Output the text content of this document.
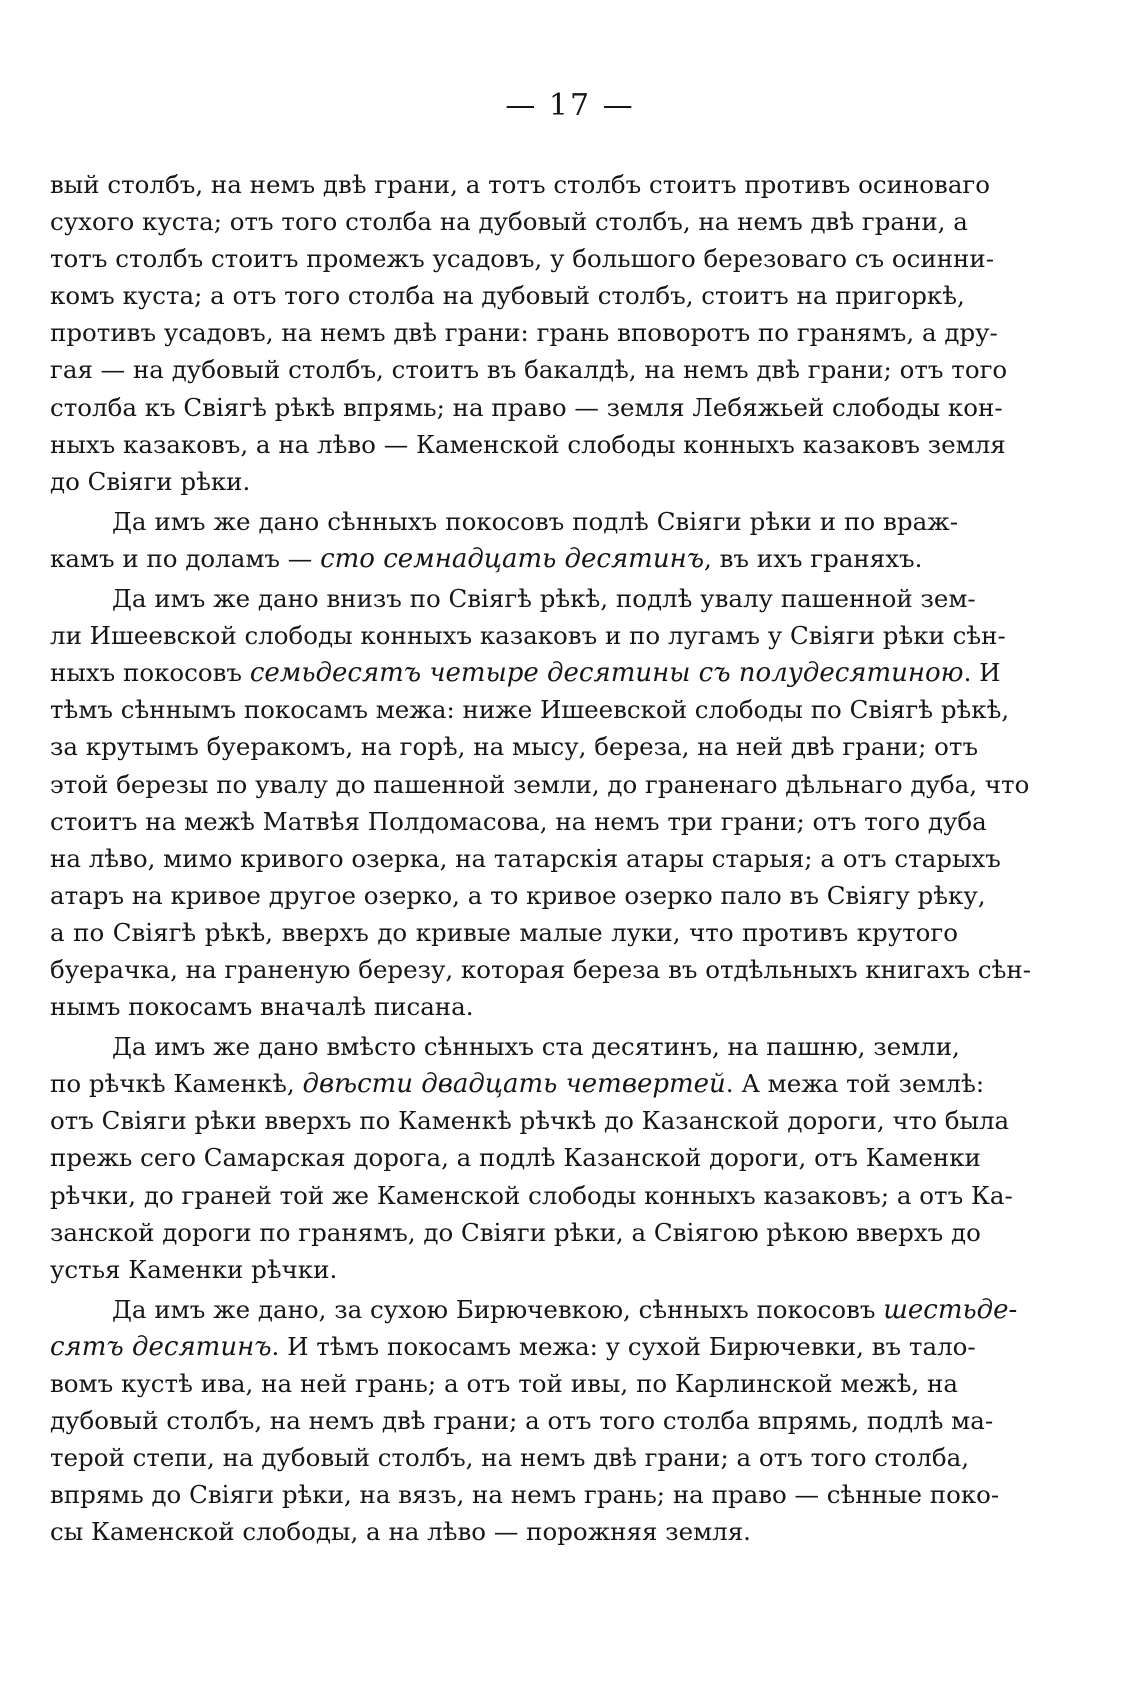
— 17 —
вый столбъ, на немъ двѣ грани, а тотъ столбъ стоитъ противъ осиноваго
сухого куста; отъ того столба на дубовый столбъ, на немъ двѣ грани, а
тотъ столбъ стоитъ промежъ усадовъ, у большого березоваго съ осинни-
комъ куста; а отъ того столба на дубовый столбъ, стоитъ на пригоркѣ,
противъ усадовъ, на немъ двѣ грани: грань вповоротъ по гранямъ, а дру-
гая — на дубовый столбъ, стоитъ въ бакалдѣ, на немъ двѣ грани; отъ того
столба къ Свіягѣ рѣкѣ впрямь; на право — земля Лебяжьей слободы кон-
ныхъ казаковъ, а на лѣво — Каменской слободы конныхъ казаковъ земля
до Свіяги рѣки.
Да имъ же дано сѣнныхъ покосовъ подлѣ Свіяги рѣки и по враж-
камъ и по доламъ — сто семнадцать десятинъ, въ ихъ граняхъ.
Да имъ же дано внизъ по Свіягѣ рѣкѣ, подлѣ увалу пашенной зем-
ли Ишеевской слободы конныхъ казаковъ и по лугамъ у Свіяги рѣки сѣн-
ныхъ покосовъ семьдесятъ четыре десятины съ полудесятиною. И
тѣмъ сѣннымъ покосамъ межа: ниже Ишеевской слободы по Свіягѣ рѣкѣ,
за крутымъ буеракомъ, на горѣ, на мысу, береза, на ней двѣ грани; отъ
этой березы по увалу до пашенной земли, до граненаго дѣльнаго дуба, что
стоитъ на межѣ Матвѣя Полдомасова, на немъ три грани; отъ того дуба
на лѣво, мимо кривого озерка, на татарскія атары старыя; а отъ старыхъ
атаръ на кривое другое озерко, а то кривое озерко пало въ Свіягу рѣку,
а по Свіягѣ рѣкѣ, вверхъ до кривые малые луки, что противъ крутого
буерачка, на граненую березу, которая береза въ отдѣльныхъ книгахъ сѣн-
нымъ покосамъ вначалѣ писана.
Да имъ же дано вмѣсто сѣнныхъ ста десятинъ, на пашню, земли,
по рѣчкѣ Каменкѣ, двѣсти двадцать четвертей. А межа той землѣ:
отъ Свіяги рѣки вверхъ по Каменкѣ рѣчкѣ до Казанской дороги, что была
прежь сего Самарская дорога, а подлѣ Казанской дороги, отъ Каменки
рѣчки, до граней той же Каменской слободы конныхъ казаковъ; а отъ Ка-
занской дороги по гранямъ, до Свіяги рѣки, а Свіягою рѣкою вверхъ до
устья Каменки рѣчки.
Да имъ же дано, за сухою Бирючевкою, сѣнныхъ покосовъ шестьде-
сятъ десятинъ. И тѣмъ покосамъ межа: у сухой Бирючевки, въ тало-
вомъ кустѣ ива, на ней грань; а отъ той ивы, по Карлинской межѣ, на
дубовый столбъ, на немъ двѣ грани; а отъ того столба впрямь, подлѣ ма-
терой степи, на дубовый столбъ, на немъ двѣ грани; а отъ того столба,
впрямь до Свіяги рѣки, на вязъ, на немъ грань; на право — сѣнные поко-
сы Каменской слободы, а на лѣво — порожняя земля.
